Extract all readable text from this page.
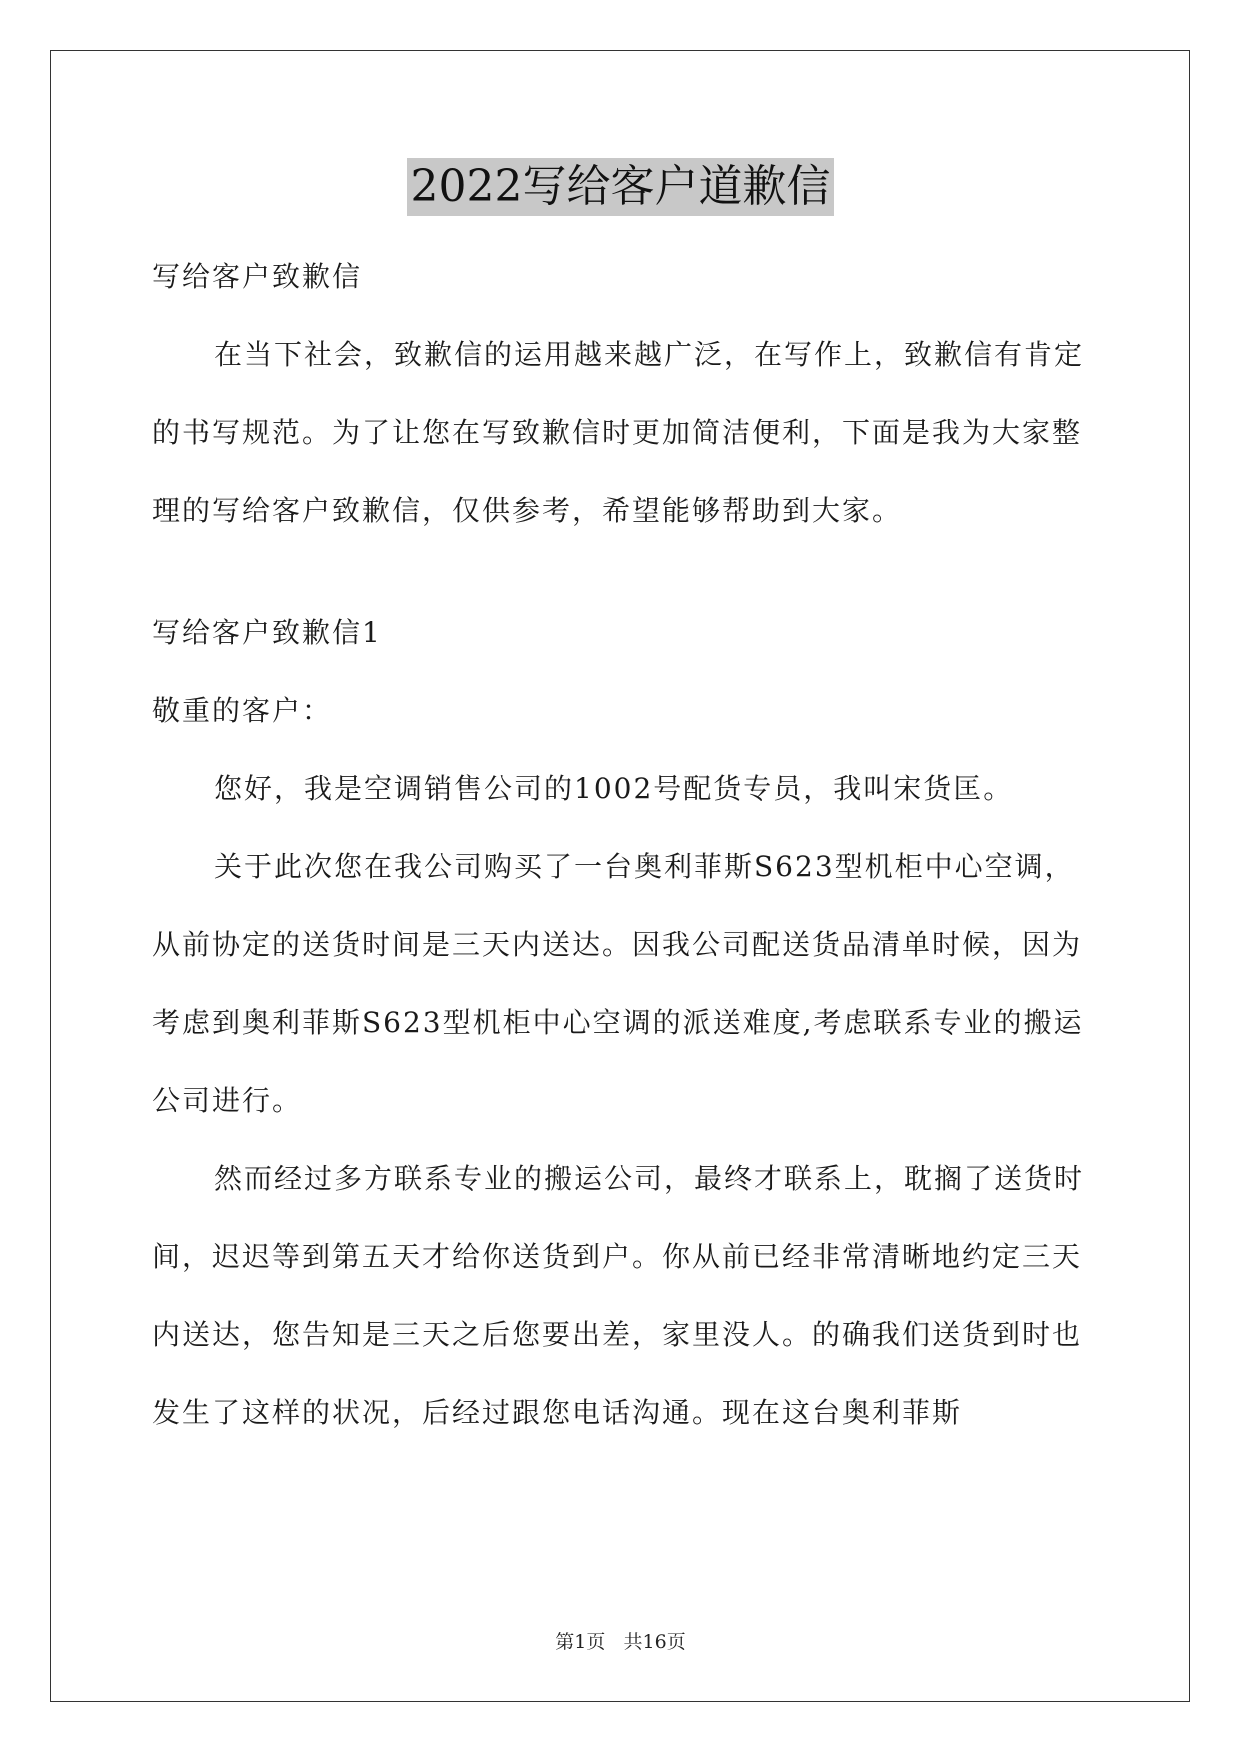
2022写给客户道歉信

写给客户致歉信

在当下社会，致歉信的运用越来越广泛，在写作上，致歉信有肯定的书写规范。为了让您在写致歉信时更加简洁便利，下面是我为大家整理的写给客户致歉信，仅供参考，希望能够帮助到大家。

写给客户致歉信1

敬重的客户：

您好，我是空调销售公司的1002号配货专员，我叫宋货匡。

关于此次您在我公司购买了一台奥利菲斯S623型机柜中心空调，从前协定的送货时间是三天内送达。因我公司配送货品清单时候，因为考虑到奥利菲斯S623型机柜中心空调的派送难度,考虑联系专业的搬运公司进行。

然而经过多方联系专业的搬运公司，最终才联系上，耽搁了送货时间，迟迟等到第五天才给你送货到户。你从前已经非常清晰地约定三天内送达，您告知是三天之后您要出差，家里没人。的确我们送货到时也发生了这样的状况，后经过跟您电话沟通。现在这台奥利菲斯

第1页 共16页
